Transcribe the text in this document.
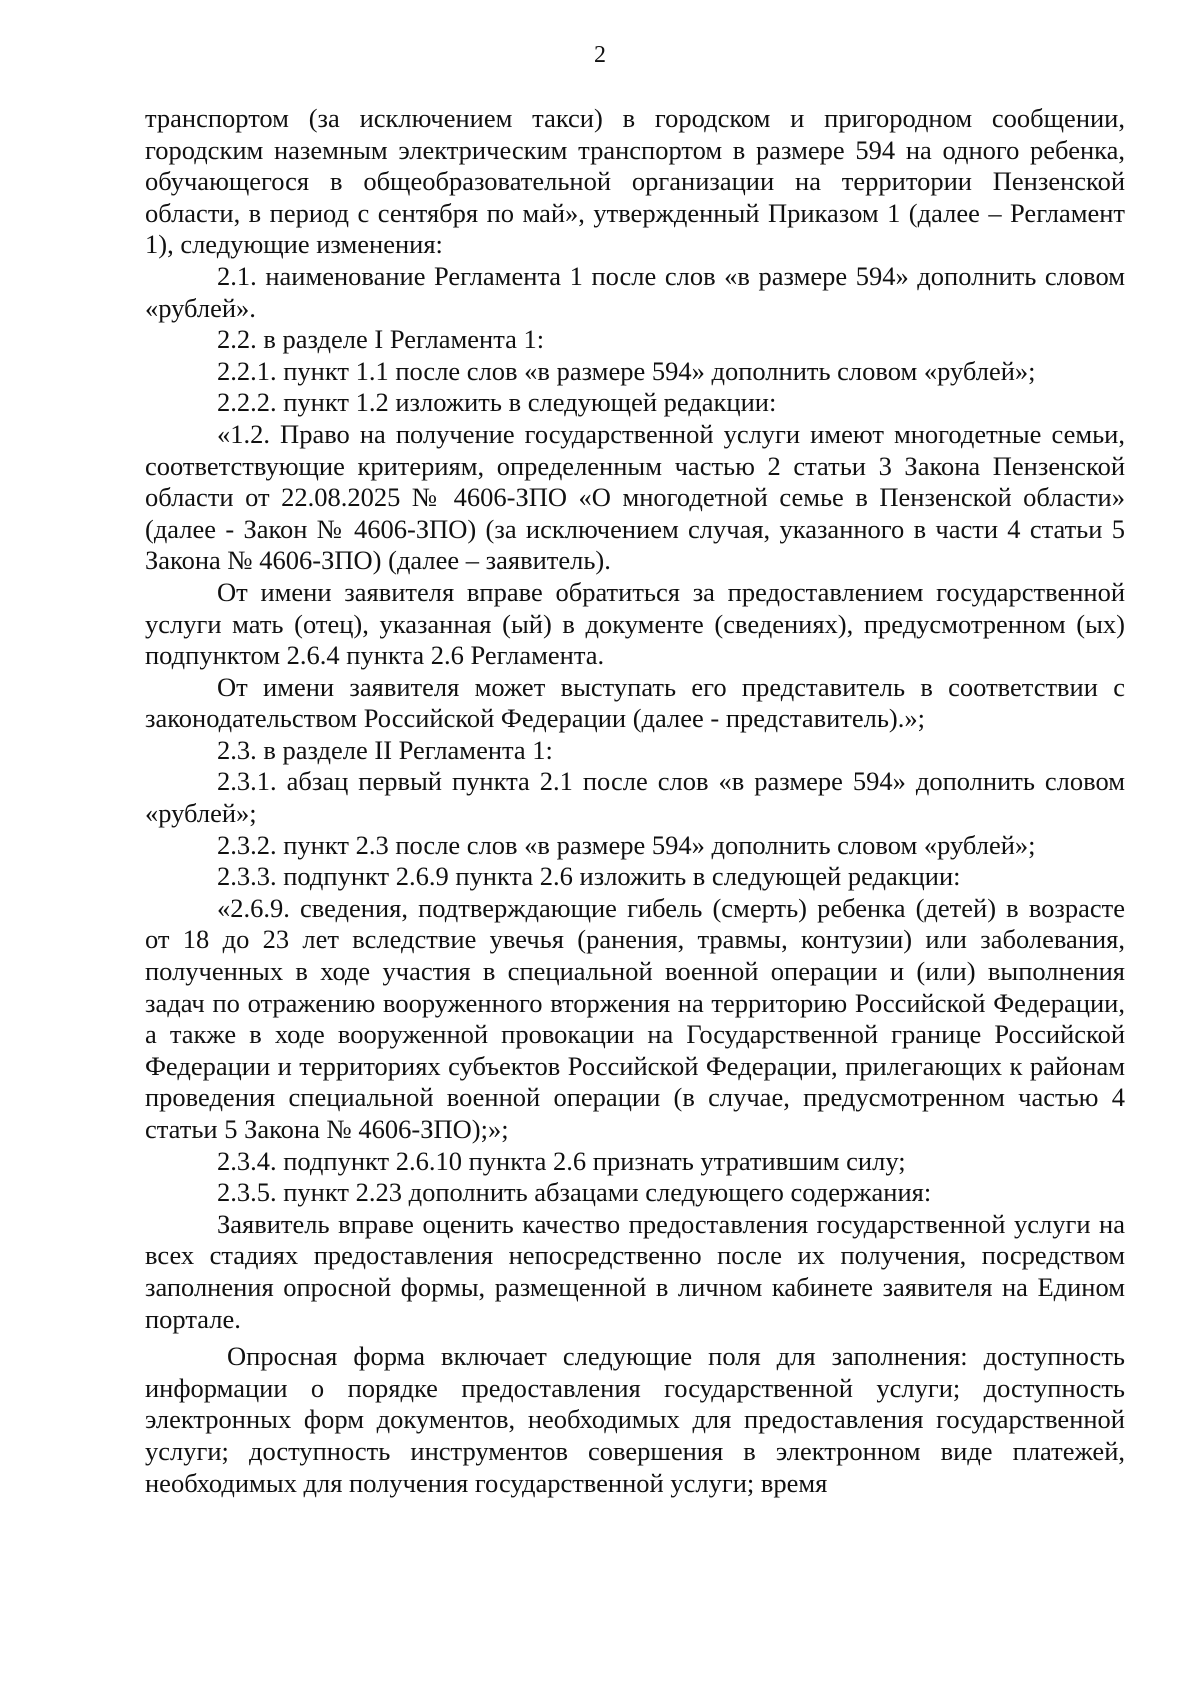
2

транспортом (за исключением такси) в городском и пригородном сообщении, городским наземным электрическим транспортом в размере 594 на одного ребенка, обучающегося в общеобразовательной организации на территории Пензенской области, в период с сентября по май», утвержденный Приказом 1 (далее – Регламент 1), следующие изменения:

2.1. наименование Регламента 1 после слов «в размере 594» дополнить словом «рублей».

2.2. в разделе I Регламента 1:

2.2.1. пункт 1.1 после слов «в размере 594» дополнить словом «рублей»;

2.2.2. пункт 1.2 изложить в следующей редакции:

«1.2. Право на получение государственной услуги имеют многодетные семьи, соответствующие критериям, определенным частью 2 статьи 3 Закона Пензенской области от 22.08.2025 № 4606-ЗПО «О многодетной семье в Пензенской области» (далее - Закон № 4606-ЗПО) (за исключением случая, указанного в части 4 статьи 5 Закона № 4606-ЗПО) (далее – заявитель).

От имени заявителя вправе обратиться за предоставлением государственной услуги мать (отец), указанная (ый) в документе (сведениях), предусмотренном (ых) подпунктом 2.6.4 пункта 2.6 Регламента.

От имени заявителя может выступать его представитель в соответствии с законодательством Российской Федерации (далее - представитель).»;

2.3. в разделе II Регламента 1:

2.3.1. абзац первый пункта 2.1 после слов «в размере 594» дополнить словом «рублей»;

2.3.2. пункт 2.3 после слов «в размере 594» дополнить словом «рублей»;

2.3.3. подпункт 2.6.9 пункта 2.6 изложить в следующей редакции:

«2.6.9. сведения, подтверждающие гибель (смерть) ребенка (детей) в возрасте от 18 до 23 лет вследствие увечья (ранения, травмы, контузии) или заболевания, полученных в ходе участия в специальной военной операции и (или) выполнения задач по отражению вооруженного вторжения на территорию Российской Федерации, а также в ходе вооруженной провокации на Государственной границе Российской Федерации и территориях субъектов Российской Федерации, прилегающих к районам проведения специальной военной операции (в случае, предусмотренном частью 4 статьи 5 Закона № 4606-ЗПО);»;

2.3.4. подпункт 2.6.10 пункта 2.6 признать утратившим силу;

2.3.5. пункт 2.23 дополнить абзацами следующего содержания:

Заявитель вправе оценить качество предоставления государственной услуги на всех стадиях предоставления непосредственно после их получения, посредством заполнения опросной формы, размещенной в личном кабинете заявителя на Едином портале.

Опросная форма включает следующие поля для заполнения: доступность информации о порядке предоставления государственной услуги; доступность электронных форм документов, необходимых для предоставления государственной услуги; доступность инструментов совершения в электронном виде платежей, необходимых для получения государственной услуги; время
